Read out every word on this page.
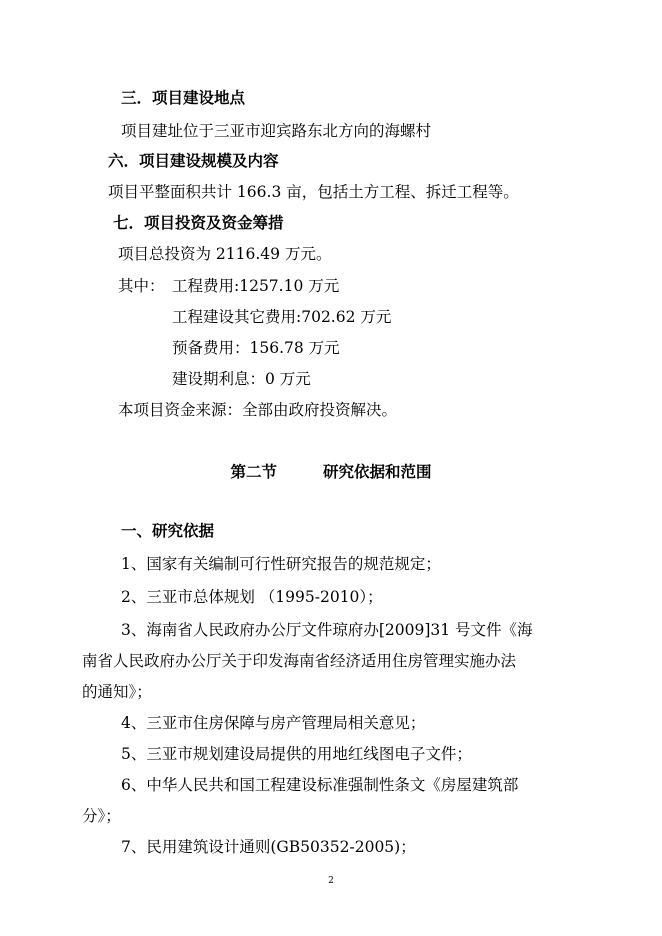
三．项目建设地点
项目建址位于三亚市迎宾路东北方向的海螺村
六．项目建设规模及内容
项目平整面积共计 166.3 亩，包括土方工程、拆迁工程等。
七．项目投资及资金筹措
项目总投资为 2116.49 万元。
其中： 工程费用:1257.10 万元
工程建设其它费用:702.62 万元
预备费用：156.78 万元
建设期利息：0 万元
本项目资金来源：全部由政府投资解决。
第二节	研究依据和范围
一、研究依据
1、国家有关编制可行性研究报告的规范规定；
2、三亚市总体规划 （1995-2010）；
3、海南省人民政府办公厅文件琼府办[2009]31 号文件《海
南省人民政府办公厅关于印发海南省经济适用住房管理实施办法
的通知》；
4、三亚市住房保障与房产管理局相关意见；
5、三亚市规划建设局提供的用地红线图电子文件；
6、中华人民共和国工程建设标准强制性条文《房屋建筑部
分》；
7、民用建筑设计通则(GB50352-2005)；
2
